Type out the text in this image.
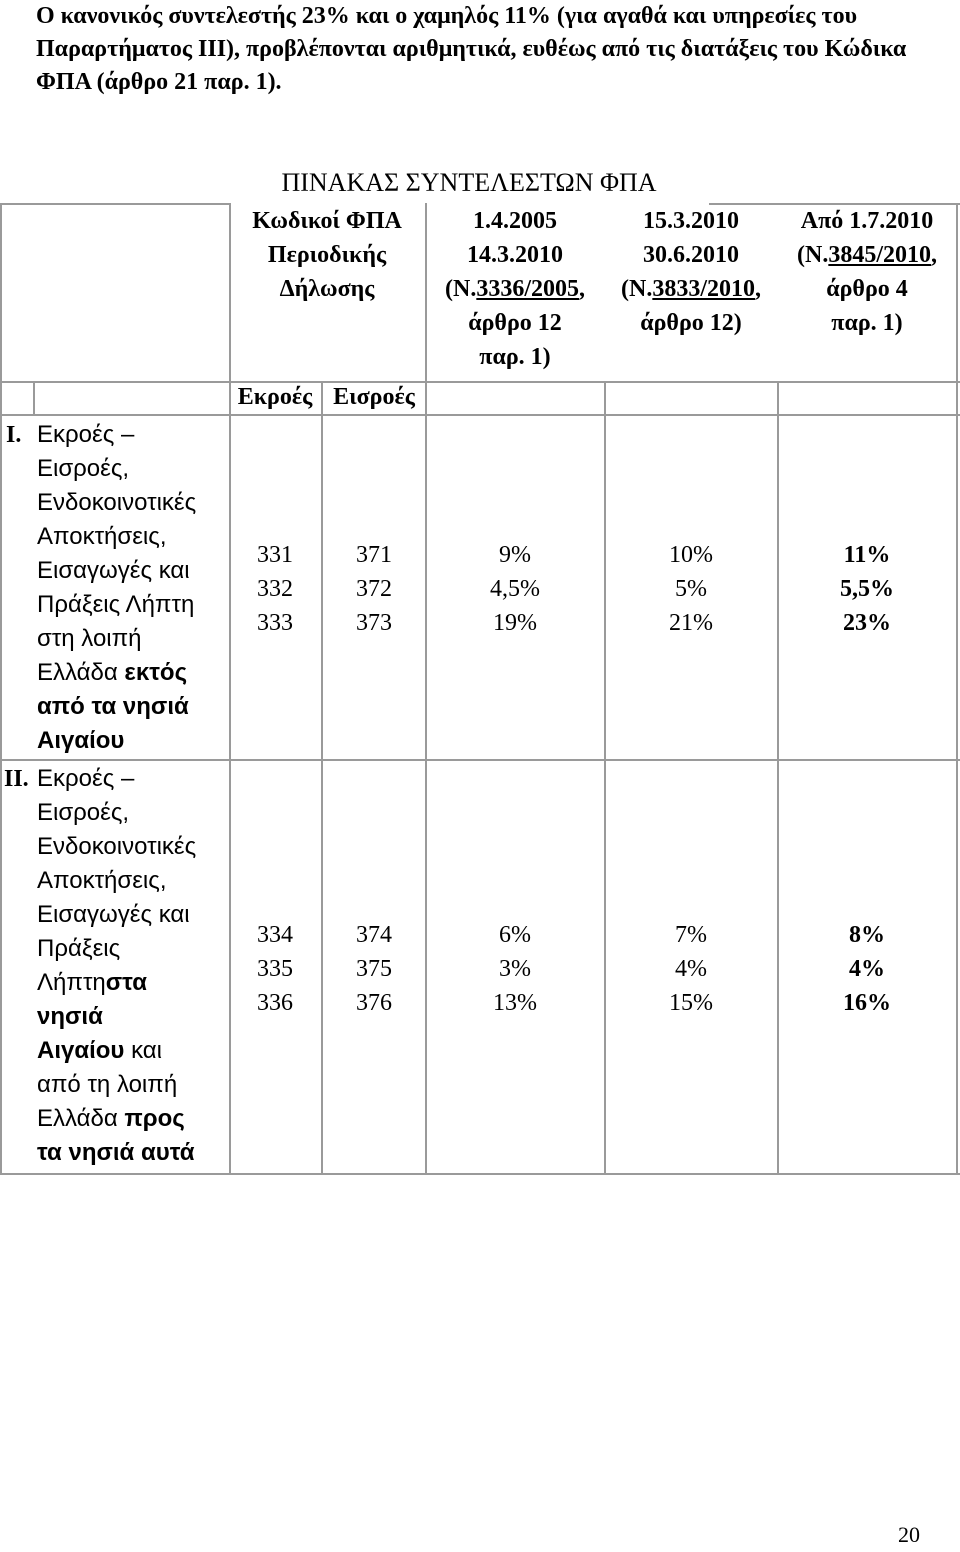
Ο κανονικός συντελεστής 23% και ο χαμηλός 11% (για αγαθά και υπηρεσίες του Παραρτήματος ΙΙΙ), προβλέπονται αριθμητικά, ευθέως από τις διατάξεις του Κώδικα ΦΠΑ (άρθρο 21 παρ. 1).
ΠΙΝΑΚΑΣ ΣΥΝΤΕΛΕΣΤΩΝ ΦΠΑ
Κωδικοί ΦΠΑ
Περιοδικής
Δήλωσης
Εκροές Εισροές
1.4.2005
14.3.2010
(Ν.3336/2005,
άρθρο 12
παρ. 1)
15.3.2010
30.6.2010
(Ν.3833/2010,
άρθρο 12)
Από 1.7.2010
(Ν.3845/2010,
άρθρο 4
παρ. 1)
Ι. Εκροές –
Εισροές,
Ενδοκοινοτικές
Αποκτήσεις,
Εισαγωγές και
Πράξεις Λήπτη
στη λοιπή
Ελλάδα εκτός
από τα νησιά
Αιγαίου
331
332
333
371
372
373
9%
4,5%
19%
10%
5%
21%
11%
5,5%
23%
ΙΙ. Εκροές –
Εισροές,
Ενδοκοινοτικές
Αποκτήσεις,
Εισαγωγές και
Πράξεις
Λήπτηστα
νησιά
Αιγαίου και
από τη λοιπή
Ελλάδα προς
τα νησιά αυτά
334
335
336
374
375
376
6%
3%
13%
7%
4%
15%
8%
4%
16%
20
